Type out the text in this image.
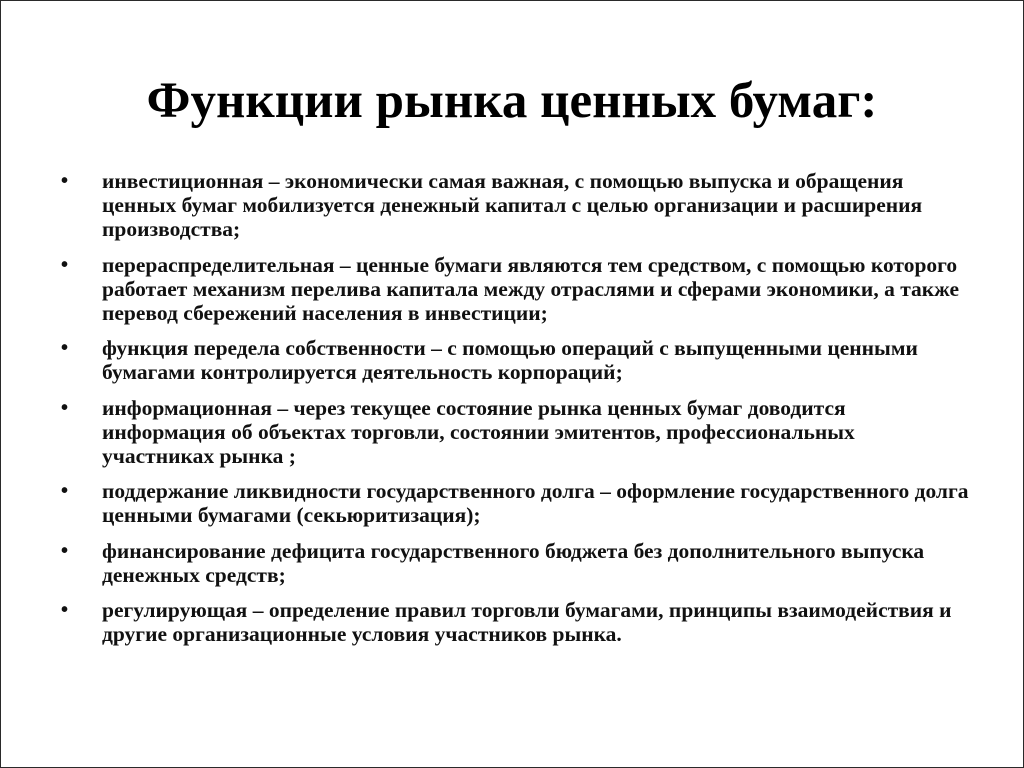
Функции рынка ценных бумаг:
•	инвестиционная – экономически самая важная, с помощью выпуска и обращения ценных бумаг мобилизуется денежный капитал с целью организации и расширения производства;
•	перераспределительная – ценные бумаги являются тем средством, с помощью которого работает механизм перелива капитала между отраслями и сферами экономики, а также перевод сбережений населения в инвестиции;
•	функция передела собственности – с помощью операций с выпущенными ценными бумагами контролируется деятельность корпораций;
•	информационная – через текущее состояние рынка ценных бумаг доводится информация об объектах торговли, состоянии эмитентов, профессиональных участниках рынка ;
•	поддержание ликвидности государственного долга – оформление государственного долга ценными бумагами (секьюритизация);
•	финансирование дефицита государственного бюджета без дополнительного выпуска денежных средств;
•	регулирующая – определение правил торговли бумагами, принципы взаимодействия и другие организационные условия участников рынка.
